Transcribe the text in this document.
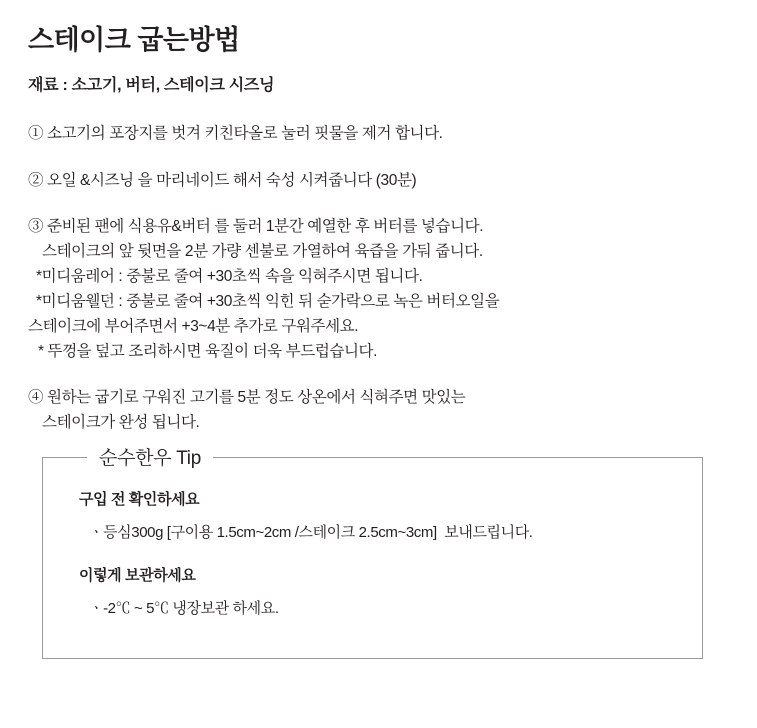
스테이크 굽는방법
재료 : 소고기, 버터, 스테이크 시즈닝
① 소고기의 포장지를 벗겨 키친타올로 눌러 핏물을 제거 합니다.
② 오일 &시즈닝 을 마리네이드 해서 숙성 시켜줍니다 (30분)
③ 준비된 팬에 식용유&버터 를 둘러 1분간 예열한 후 버터를 넣습니다.
스테이크의 앞 뒷면을 2분 가량 센불로 가열하여 육즙을 가둬 줍니다.
*미디움레어 : 중불로 줄여 +30초씩 속을 익혀주시면 됩니다.
*미디움웰던 : 중불로 줄여 +30초씩 익힌 뒤 숟가락으로 녹은 버터오일을
스테이크에 부어주면서 +3~4분 추가로 구워주세요.
* 뚜껑을 덮고 조리하시면 육질이 더욱 부드럽습니다.
④ 원하는 굽기로 구워진 고기를 5분 정도 상온에서 식혀주면 맛있는
스테이크가 완성 됩니다.
순수한우 Tip
구입 전 확인하세요
ㆍ등심300g [구이용 1.5cm~2cm /스테이크 2.5cm~3cm]  보내드립니다.
이렇게 보관하세요
ㆍ-2℃ ~ 5℃ 냉장보관 하세요.
